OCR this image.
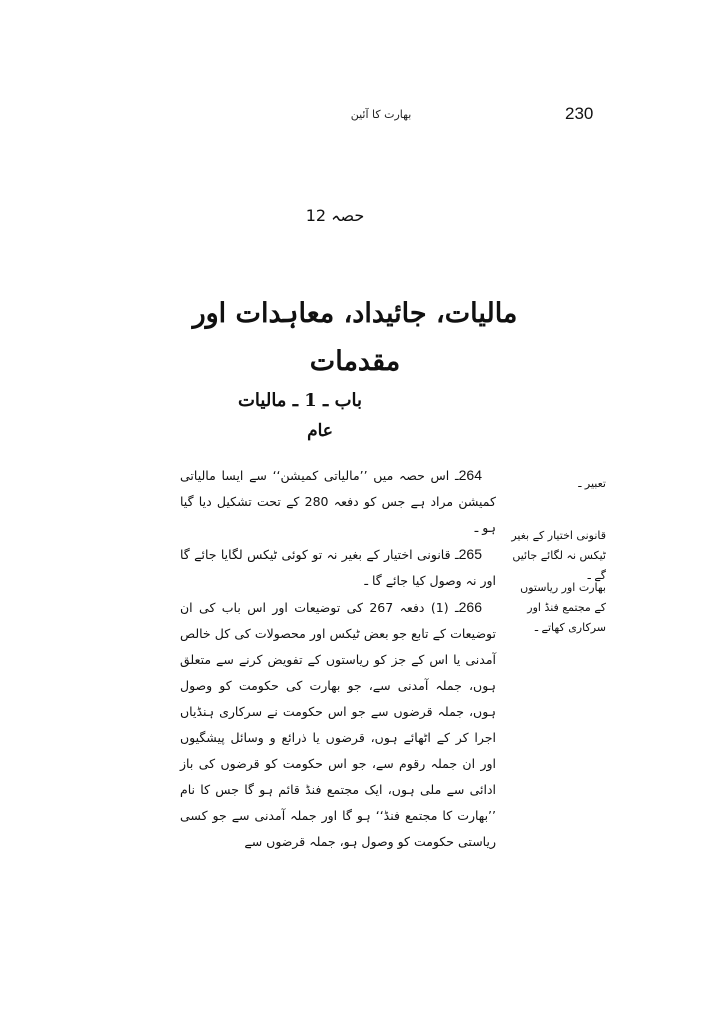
230
بھارت کا آئین
حصہ 12
مالیات، جائیداد، معاہدات اور مقدمات
باب ـ 1 ـ مالیات
عام

264ـ اس حصہ میں ’’مالیاتی کمیشن‘‘ سے ایسا مالیاتی کمیشن مراد ہے جس کو دفعہ 280 کے تحت تشکیل دیا گیا ہو ـ

265ـ قانونی اختیار کے بغیر نہ تو کوئی ٹیکس لگایا جائے گا اور نہ وصول کیا جائے گا ـ

266ـ (1) دفعہ 267 کی توضیعات اور اس باب کی ان توضیعات کے تابع جو بعض ٹیکس اور محصولات کی کل خالص آمدنی یا اس کے جز کو ریاستوں کے تفویض کرنے سے متعلق ہوں، جملہ آمدنی سے، جو بھارت کی حکومت کو وصول ہوں، جملہ قرضوں سے جو اس حکومت نے سرکاری ہنڈیاں اجرا کر کے اٹھائے ہوں، قرضوں یا ذرائع و وسائل پیشگیوں اور ان جملہ رقوم سے، جو اس حکومت کو قرضوں کی باز ادائی سے ملی ہوں، ایک مجتمع فنڈ قائم ہو گا جس کا نام ’’بھارت کا مجتمع فنڈ‘‘ ہو گا اور جملہ آمدنی سے جو کسی ریاستی حکومت کو وصول ہو، جملہ قرضوں سے

تعبیر ـ
قانونی اختیار کے بغیر ٹیکس نہ لگائے جائیں گے ـ
بھارت اور ریاستوں کے مجتمع فنڈ اور سرکاری کھاتے ـ
